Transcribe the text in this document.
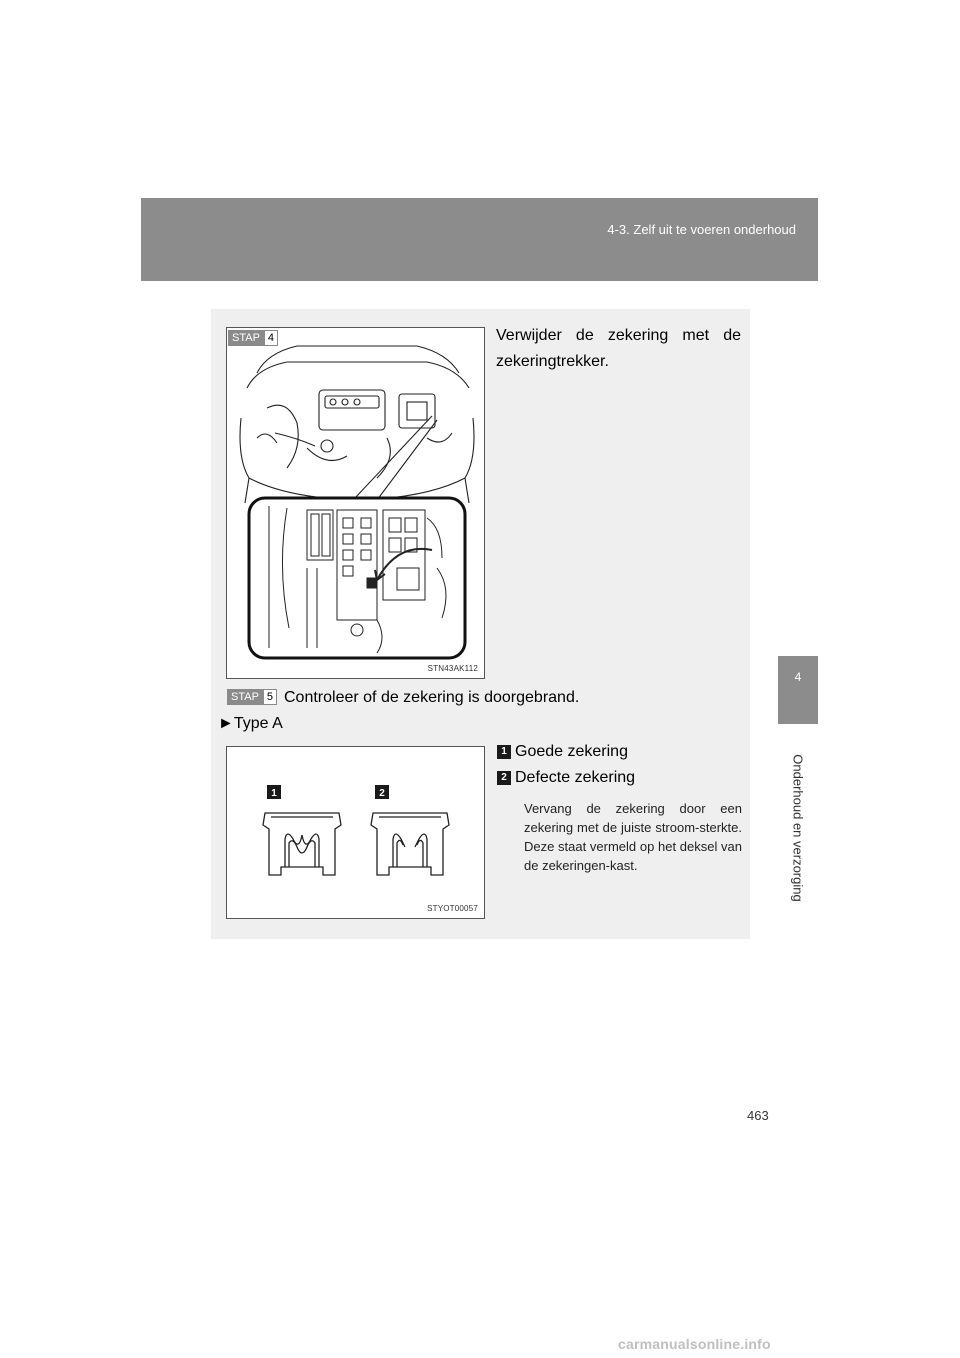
4-3. Zelf uit te voeren onderhoud
4
Onderhoud en verzorging
STN43AK112
STAP 4	Verwijder de zekering met de zekeringtrekker.
STAP 5 Controleer of de zekering is doorgebrand.
►Type A
1	2
STYOT00057
1 Goede zekering
2 Defecte zekering
Vervang de zekering door een zekering met de juiste stroom-sterkte. Deze staat vermeld op het deksel van de zekeringen-kast.
463
carmanualsonline.info
